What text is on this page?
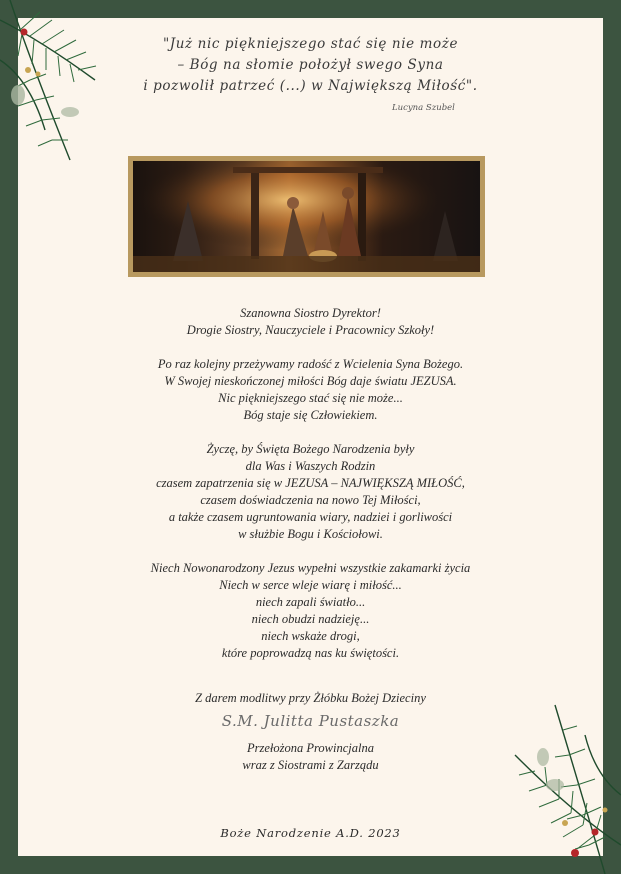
"Już nic piękniejszego stać się nie może
– Bóg na słomie położył swego Syna
i pozwolił patrzeć (...) w Największą Miłość".
Lucyna Szubel
Szanowna Siostro Dyrektor!
Drogie Siostry, Nauczyciele i Pracownicy Szkoły!
Po raz kolejny przeżywamy radość z Wcielenia Syna Bożego.
W Swojej nieskończonej miłości Bóg daje światu JEZUSA.
Nic piękniejszego stać się nie może...
Bóg staje się Człowiekiem.
Życzę, by Święta Bożego Narodzenia były
dla Was i Waszych Rodzin
czasem zapatrzenia się w JEZUSA – NAJWIĘKSZĄ MIŁOŚĆ,
czasem doświadczenia na nowo Tej Miłości,
a także czasem ugruntowania wiary, nadziei i gorliwości
w służbie Bogu i Kościołowi.
Niech Nowonarodzony Jezus wypełni wszystkie zakamarki życia
Niech w serce wleje wiarę i miłość...
niech zapali światło...
niech obudzi nadzieję...
niech wskaże drogi,
które poprowadzą nas ku świętości.
Z darem modlitwy przy Żłóbku Bożej Dzieciny
S.M. Julitta Pustaszka
Przełożona Prowincjalna
wraz z Siostrami z Zarządu
Boże Narodzenie A.D. 2023
